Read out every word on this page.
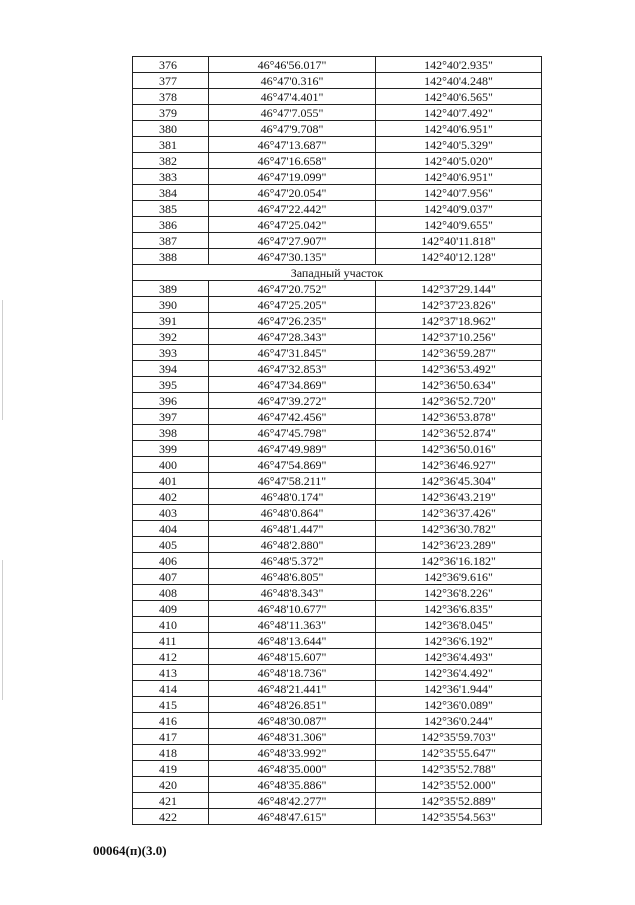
376	46°46'56.017"	142°40'2.935"
377	46°47'0.316"	142°40'4.248"
378	46°47'4.401"	142°40'6.565"
379	46°47'7.055"	142°40'7.492"
380	46°47'9.708"	142°40'6.951"
381	46°47'13.687"	142°40'5.329"
382	46°47'16.658"	142°40'5.020"
383	46°47'19.099"	142°40'6.951"
384	46°47'20.054"	142°40'7.956"
385	46°47'22.442"	142°40'9.037"
386	46°47'25.042"	142°40'9.655"
387	46°47'27.907"	142°40'11.818"
388	46°47'30.135"	142°40'12.128"
Западный участок		
389	46°47'20.752"	142°37'29.144"
390	46°47'25.205"	142°37'23.826"
391	46°47'26.235"	142°37'18.962"
392	46°47'28.343"	142°37'10.256"
393	46°47'31.845"	142°36'59.287"
394	46°47'32.853"	142°36'53.492"
395	46°47'34.869"	142°36'50.634"
396	46°47'39.272"	142°36'52.720"
397	46°47'42.456"	142°36'53.878"
398	46°47'45.798"	142°36'52.874"
399	46°47'49.989"	142°36'50.016"
400	46°47'54.869"	142°36'46.927"
401	46°47'58.211"	142°36'45.304"
402	46°48'0.174"	142°36'43.219"
403	46°48'0.864"	142°36'37.426"
404	46°48'1.447"	142°36'30.782"
405	46°48'2.880"	142°36'23.289"
406	46°48'5.372"	142°36'16.182"
407	46°48'6.805"	142°36'9.616"
408	46°48'8.343"	142°36'8.226"
409	46°48'10.677"	142°36'6.835"
410	46°48'11.363"	142°36'8.045"
411	46°48'13.644"	142°36'6.192"
412	46°48'15.607"	142°36'4.493"
413	46°48'18.736"	142°36'4.492"
414	46°48'21.441"	142°36'1.944"
415	46°48'26.851"	142°36'0.089"
416	46°48'30.087"	142°36'0.244"
417	46°48'31.306"	142°35'59.703"
418	46°48'33.992"	142°35'55.647"
419	46°48'35.000"	142°35'52.788"
420	46°48'35.886"	142°35'52.000"
421	46°48'42.277"	142°35'52.889"
422	46°48'47.615"	142°35'54.563"
00064(п)(3.0)
